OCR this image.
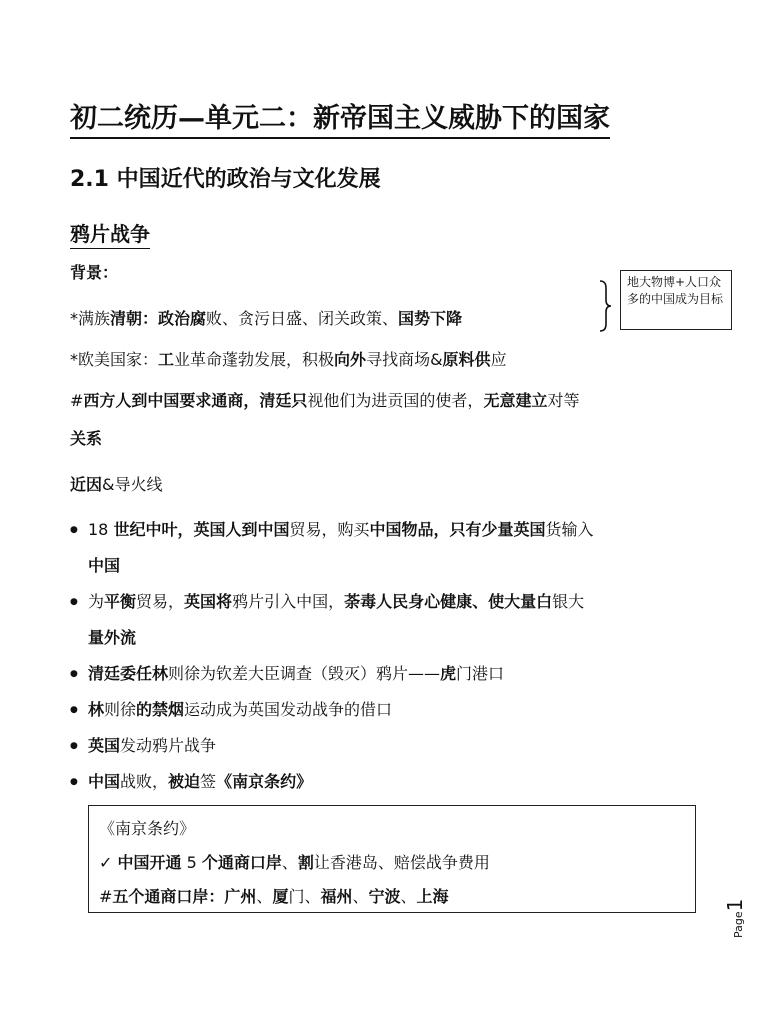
初二统历—单元二：新帝国主义威胁下的国家
2.1 中国近代的政治与文化发展
鸦片战争
背景：
*满族清朝：政治腐败、贪污日盛、闭关政策、国势下降
地大物博+人口众多的中国成为目标
*欧美国家：工业革命蓬勃发展，积极向外寻找商场&原料供应
#西方人到中国要求通商，清廷只视他们为进贡国的使者，无意建立对等
关系
近因&导火线
● 18 世纪中叶，英国人到中国贸易，购买中国物品，只有少量英国货输入
中国
● 为平衡贸易，英国将鸦片引入中国，荼毒人民身心健康、使大量白银大
量外流
● 清廷委任林则徐为钦差大臣调查（毁灭）鸦片——虎门港口
● 林则徐的禁烟运动成为英国发动战争的借口
● 英国发动鸦片战争
● 中国战败，被迫签《南京条约》
《南京条约》
✓ 中国开通 5 个通商口岸、割让香港岛、赔偿战争费用
#五个通商口岸：广州、厦门、福州、宁波、上海
Page1
